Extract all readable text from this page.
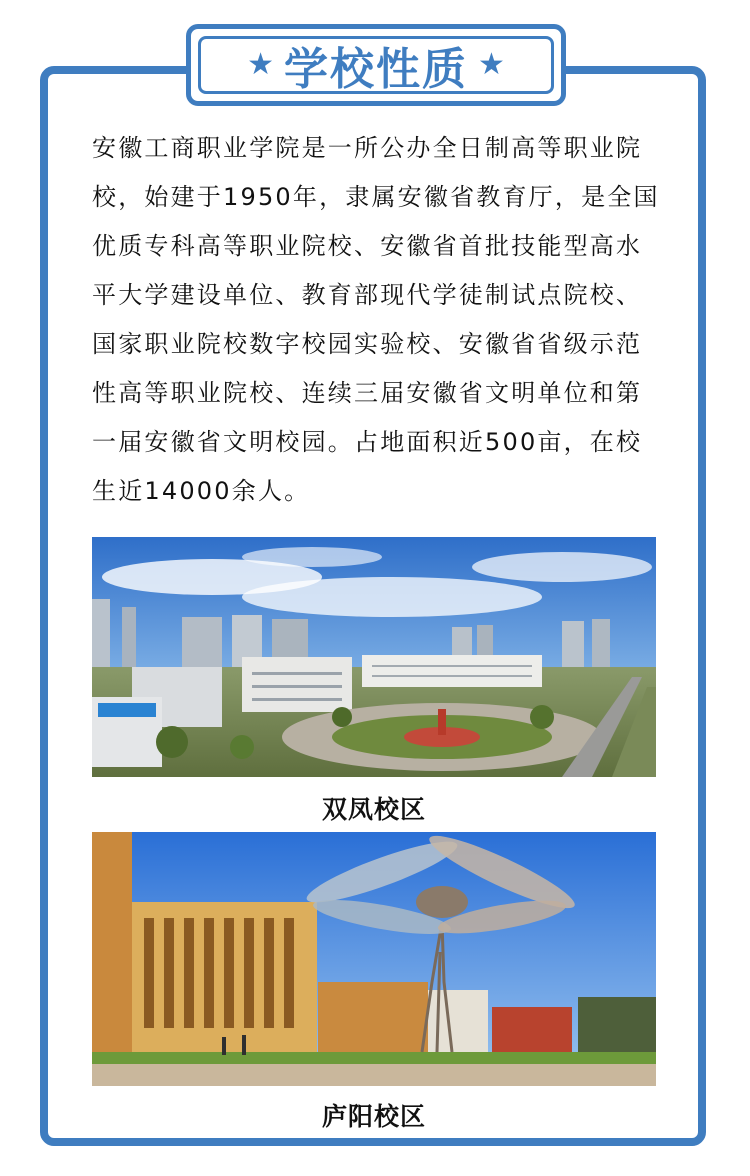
★ 学校性质 ★

安徽工商职业学院是一所公办全日制高等职业院校，始建于1950年，隶属安徽省教育厅，是全国优质专科高等职业院校、安徽省首批技能型高水平大学建设单位、教育部现代学徒制试点院校、国家职业院校数字校园实验校、安徽省省级示范性高等职业院校、连续三届安徽省文明单位和第一届安徽省文明校园。占地面积近500亩，在校生近14000余人。

双凤校区
庐阳校区
